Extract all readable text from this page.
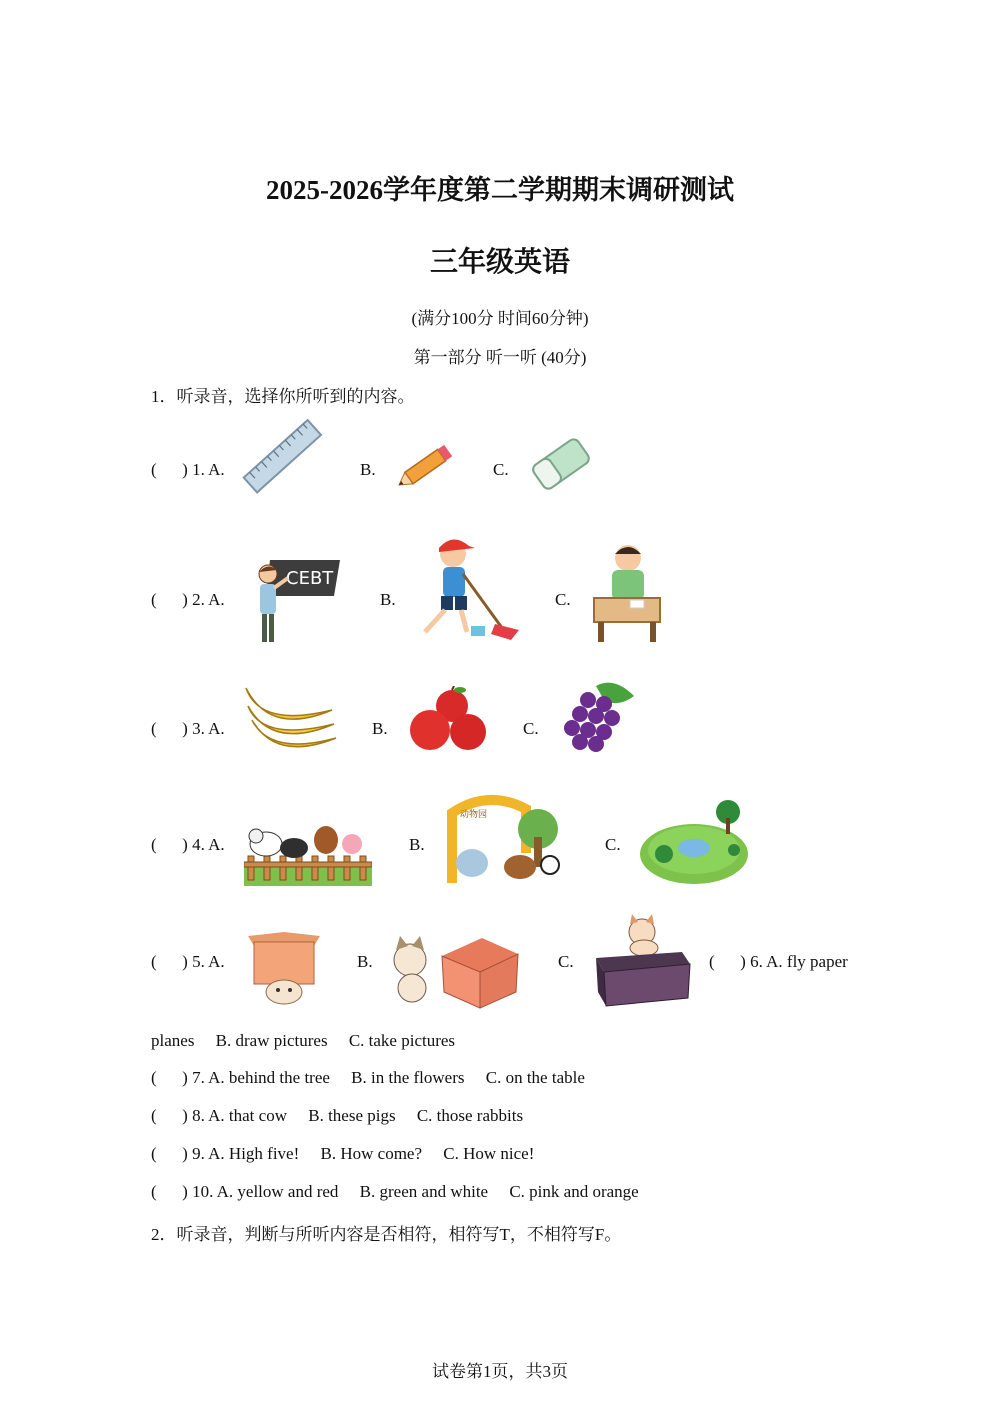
2025-2026学年度第二学期期末调研测试
三年级英语
(满分100分 时间60分钟)
第一部分 听一听 (40分)
1．听录音，选择你所听到的内容。
(      ) 1. A.	B.	C.
(      ) 2. A.
CEBT
B.	C.
(      ) 3. A.	B.	C.
(      ) 4. A.	B.
动物园
C.
(      ) 5. A.	B.	C.	(      ) 6. A. fly paper
planes     B. draw pictures     C. take pictures
(      ) 7. A. behind the tree     B. in the flowers     C. on the table
(      ) 8. A. that cow     B. these pigs     C. those rabbits
(      ) 9. A. High five!     B. How come?     C. How nice!
(      ) 10. A. yellow and red     B. green and white     C. pink and orange
2．听录音，判断与所听内容是否相符，相符写T，不相符写F。
试卷第1页，共3页
